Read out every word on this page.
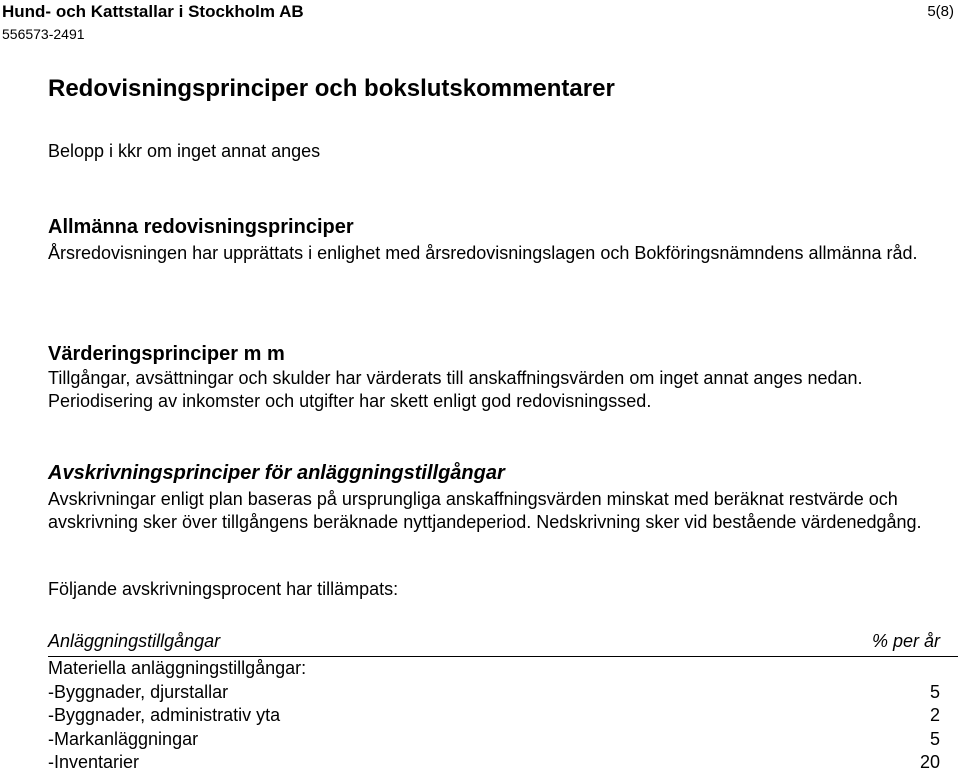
Hund- och Kattstallar i Stockholm AB
556573-2491
5(8)
Redovisningsprinciper och bokslutskommentarer
Belopp i kkr om inget annat anges
Allmänna redovisningsprinciper
Årsredovisningen har upprättats i enlighet med årsredovisningslagen och Bokföringsnämndens allmänna råd.
Värderingsprinciper m m
Tillgångar, avsättningar och skulder har värderats till anskaffningsvärden om inget annat anges nedan. Periodisering av inkomster och utgifter har skett enligt god redovisningssed.
Avskrivningsprinciper för anläggningstillgångar
Avskrivningar enligt plan baseras på ursprungliga anskaffningsvärden minskat med beräknat restvärde och avskrivning sker över tillgångens beräknade nyttjandeperiod. Nedskrivning sker vid bestående värdenedgång.
Följande avskrivningsprocent har tillämpats:
Anläggningstillgångar	% per år
Materiella anläggningstillgångar:
-Byggnader, djurstallar	5
-Byggnader, administrativ yta	2
-Markanläggningar	5
-Inventarier	20
